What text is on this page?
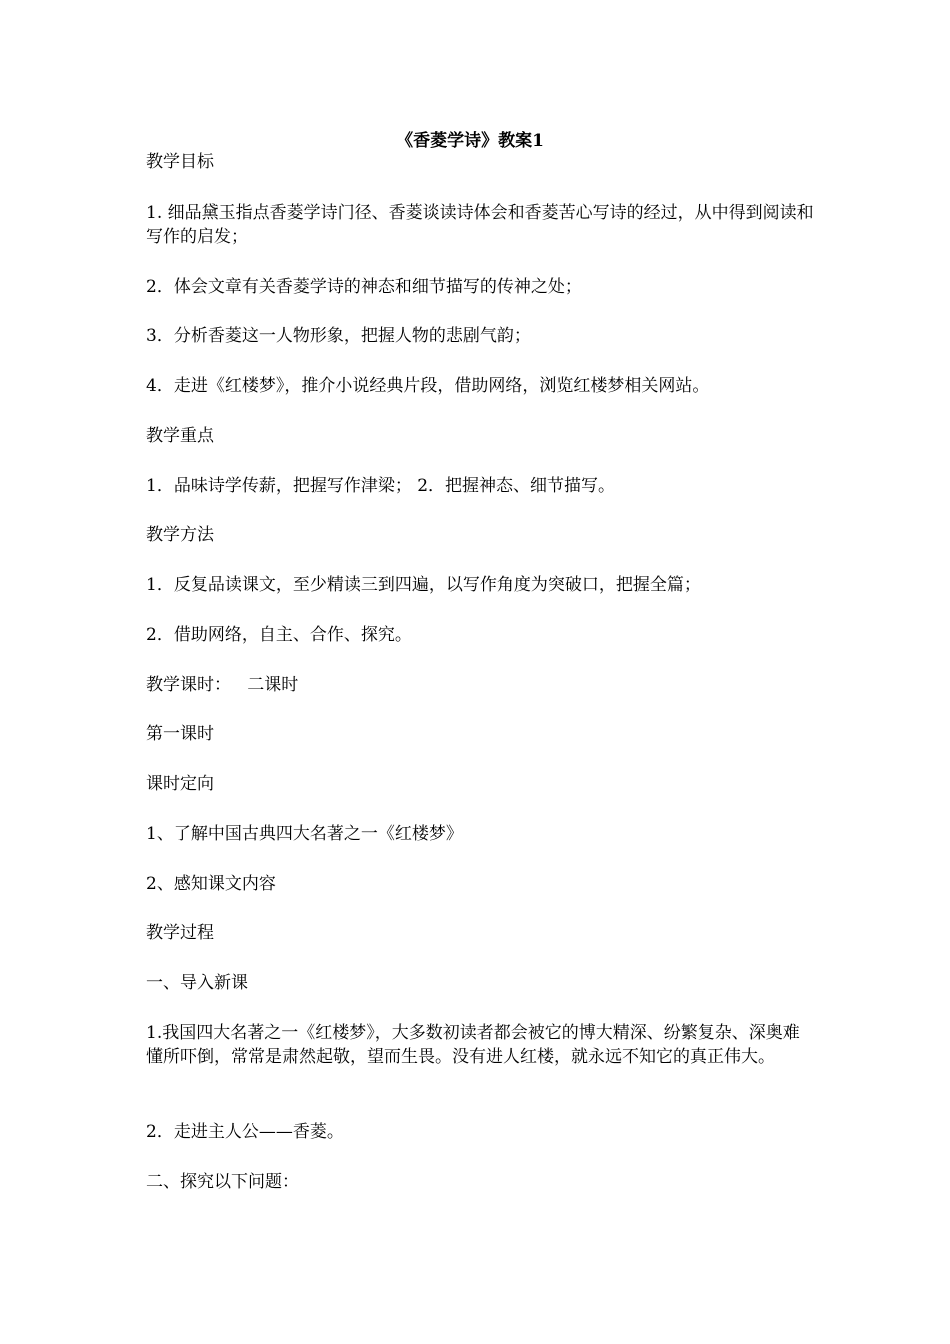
《香菱学诗》教案1
教学目标
1. 细品黛玉指点香菱学诗门径、香菱谈读诗体会和香菱苦心写诗的经过，从中得到阅读和写作的启发；
2．体会文章有关香菱学诗的神态和细节描写的传神之处；
3．分析香菱这一人物形象，把握人物的悲剧气韵；
4．走进《红楼梦》，推介小说经典片段，借助网络，浏览红楼梦相关网站。
教学重点
1．品味诗学传薪，把握写作津梁； 2．把握神态、细节描写。
教学方法
1．反复品读课文，至少精读三到四遍，以写作角度为突破口，把握全篇；
2．借助网络，自主、合作、探究。
教学课时：   二课时
第一课时
课时定向
1、了解中国古典四大名著之一《红楼梦》
2、感知课文内容
教学过程
一、导入新课
1.我国四大名著之一《红楼梦》，大多数初读者都会被它的博大精深、纷繁复杂、深奥难懂所吓倒，常常是肃然起敬，望而生畏。没有进人红楼，就永远不知它的真正伟大。
2．走进主人公——香菱。
二、探究以下问题：
